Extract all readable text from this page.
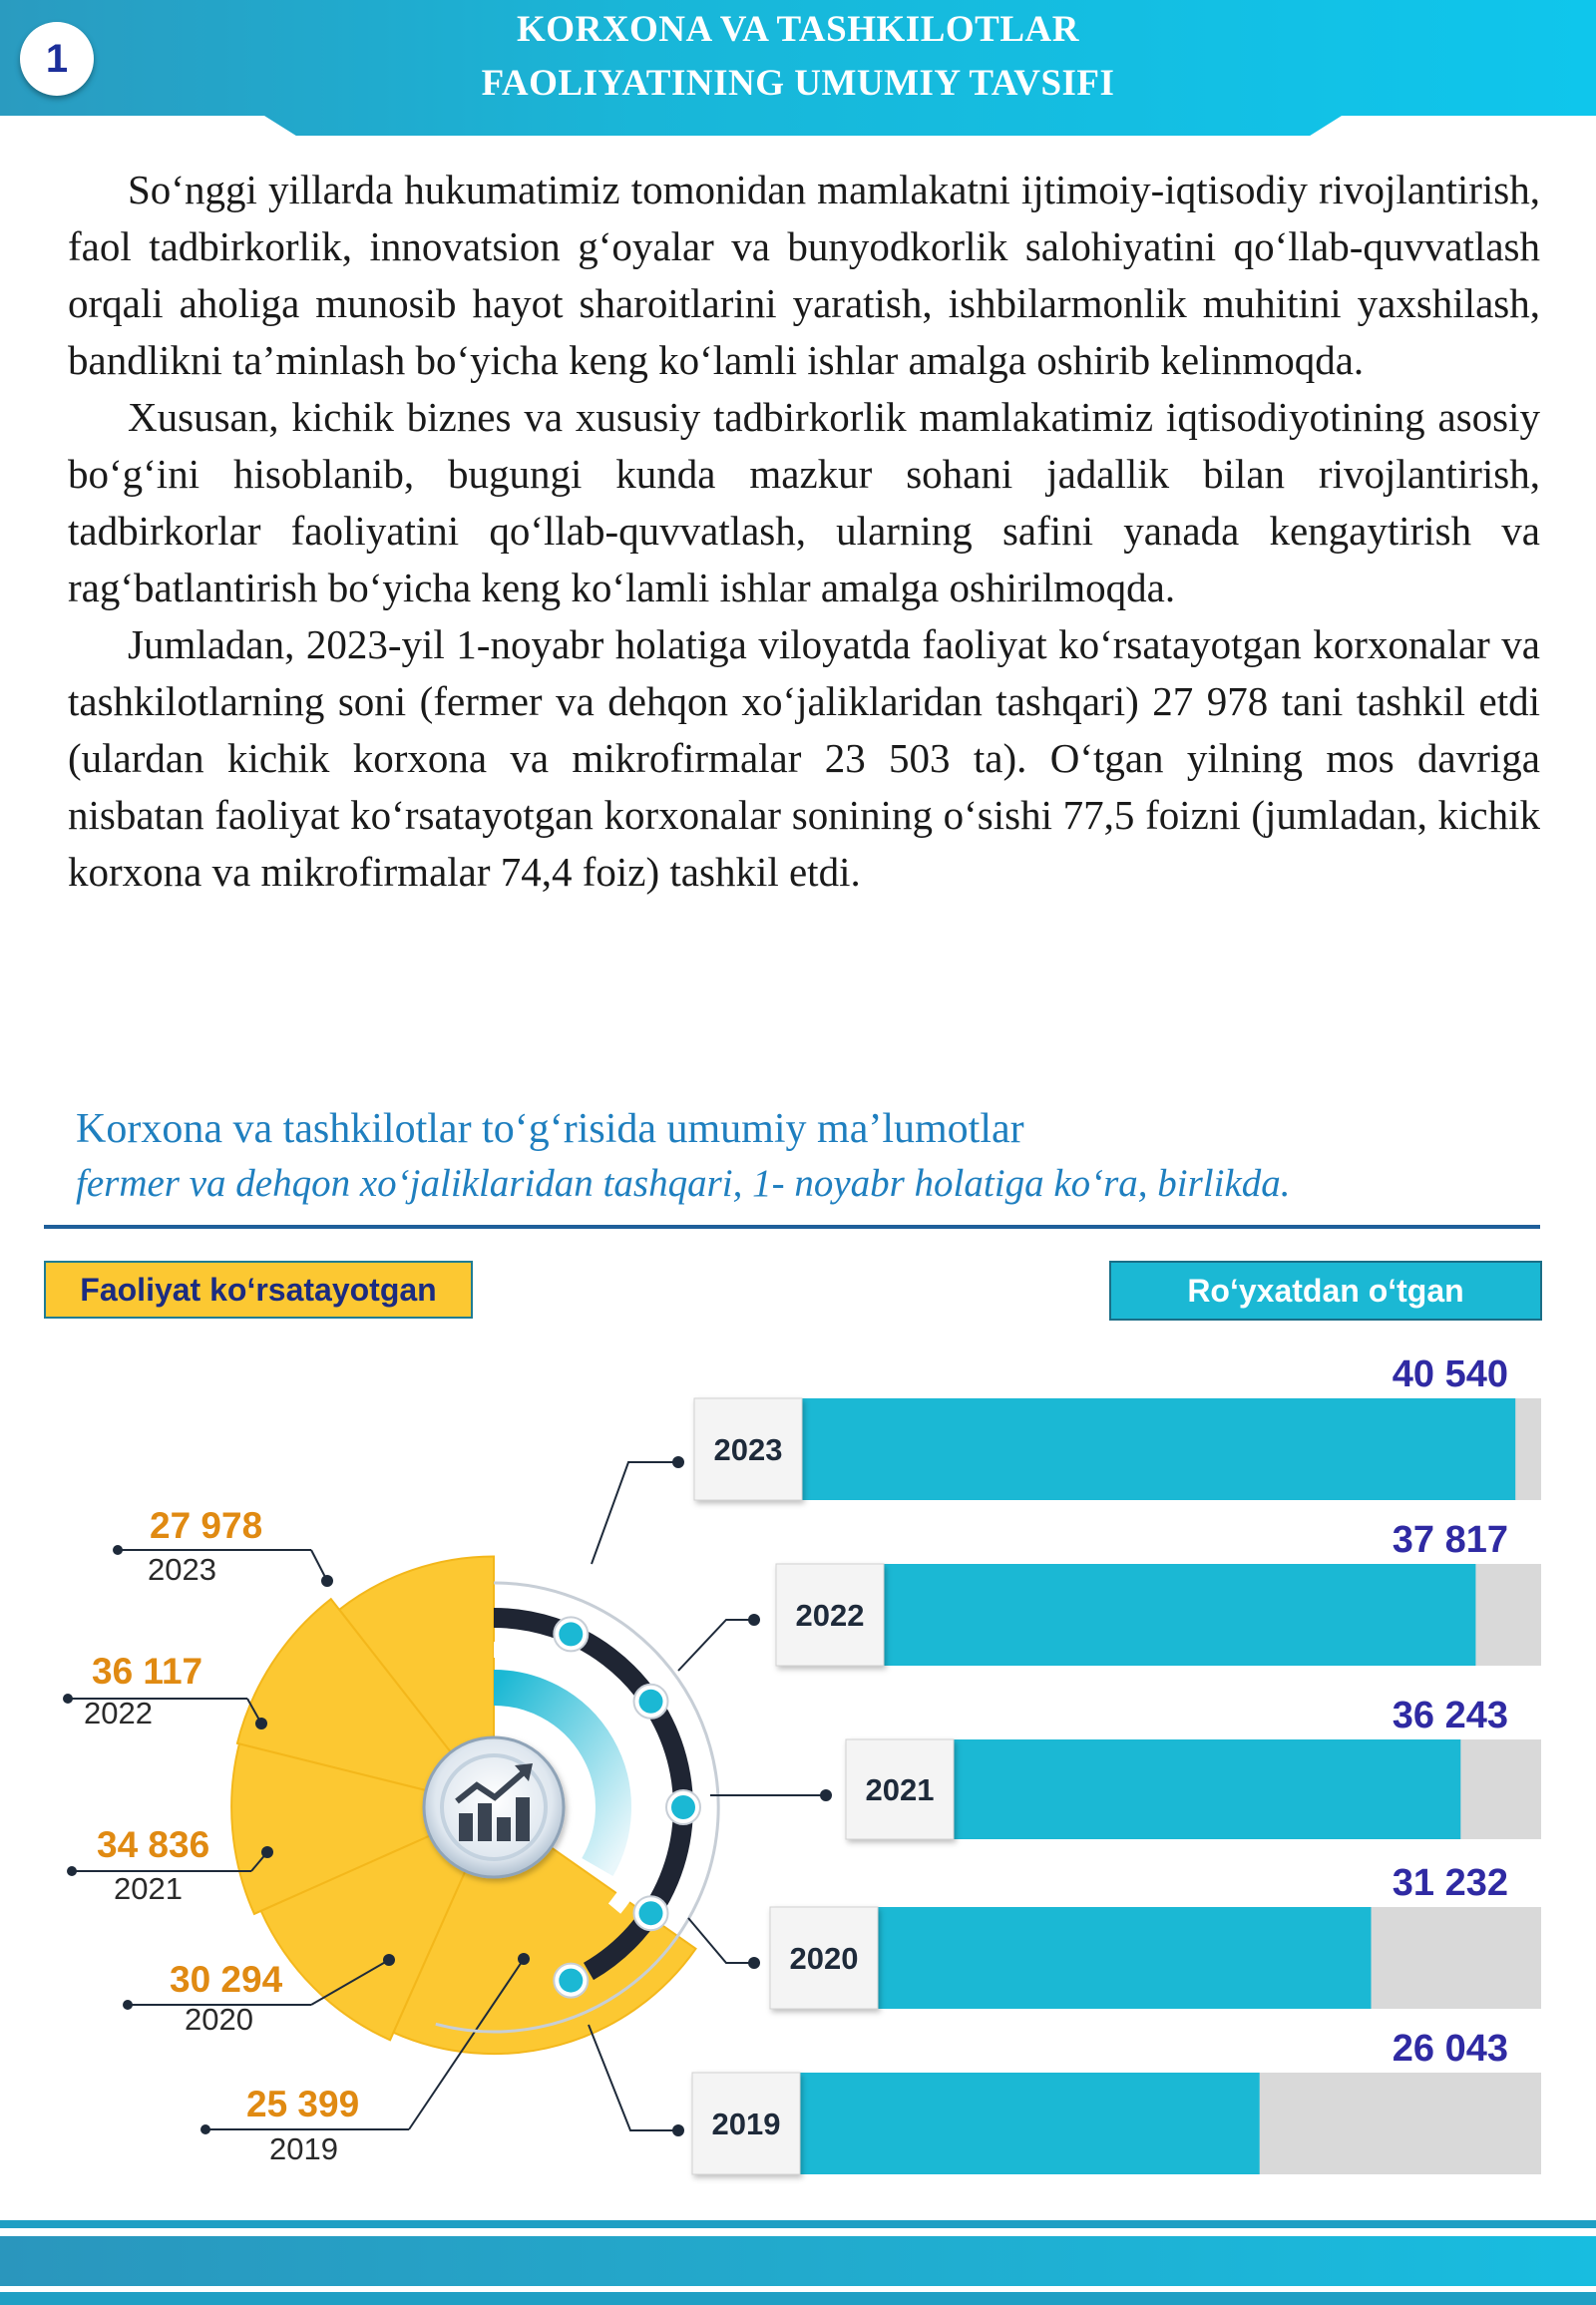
1
KORXONA VA TASHKILOTLAR
FAOLIYATINING UMUMIY TAVSIFI

So‘nggi yillarda hukumatimiz tomonidan mamlakatni ijtimoiy-iqtisodiy rivojlantirish, faol tadbirkorlik, innovatsion g‘oyalar va bunyodkorlik salohiyatini qo‘llab-quvvatlash orqali aholiga munosib hayot sharoitlarini yaratish, ishbilarmonlik muhitini yaxshilash, bandlikni ta’minlash bo‘yicha keng ko‘lamli ishlar amalga oshirib kelinmoqda.

Xususan, kichik biznes va xususiy tadbirkorlik mamlakatimiz iqtisodiyotining asosiy bo‘g‘ini hisoblanib, bugungi kunda mazkur sohani jadallik bilan rivojlantirish, tadbirkorlar faoliyatini qo‘llab-quvvatlash, ularning safini yanada kengaytirish va rag‘batlantirish bo‘yicha keng ko‘lamli ishlar amalga oshirilmoqda.

Jumladan, 2023-yil 1-noyabr holatiga viloyatda faoliyat ko‘rsatayotgan korxonalar va tashkilotlarning soni (fermer va dehqon xo‘jaliklaridan tashqari) 27 978 tani tashkil etdi (ulardan kichik korxona va mikrofirmalar 23 503 ta). O‘tgan yilning mos davriga nisbatan faoliyat ko‘rsatayotgan korxonalar sonining o‘sishi 77,5 foizni (jumladan, kichik korxona va mikrofirmalar 74,4 foiz) tashkil etdi.

Korxona va tashkilotlar to‘g‘risida umumiy ma’lumotlar
fermer va dehqon xo‘jaliklaridan tashqari, 1- noyabr holatiga ko‘ra, birlikda.
Faoliyat ko‘rsatayotgan	Ro‘yxatdan o‘tgan
27 978
2023
36 117
2022
34 836
2021
30 294
2020
25 399
2019
2023
40 540
2022
37 817
2021
36 243
2020
31 232
2019
26 043
